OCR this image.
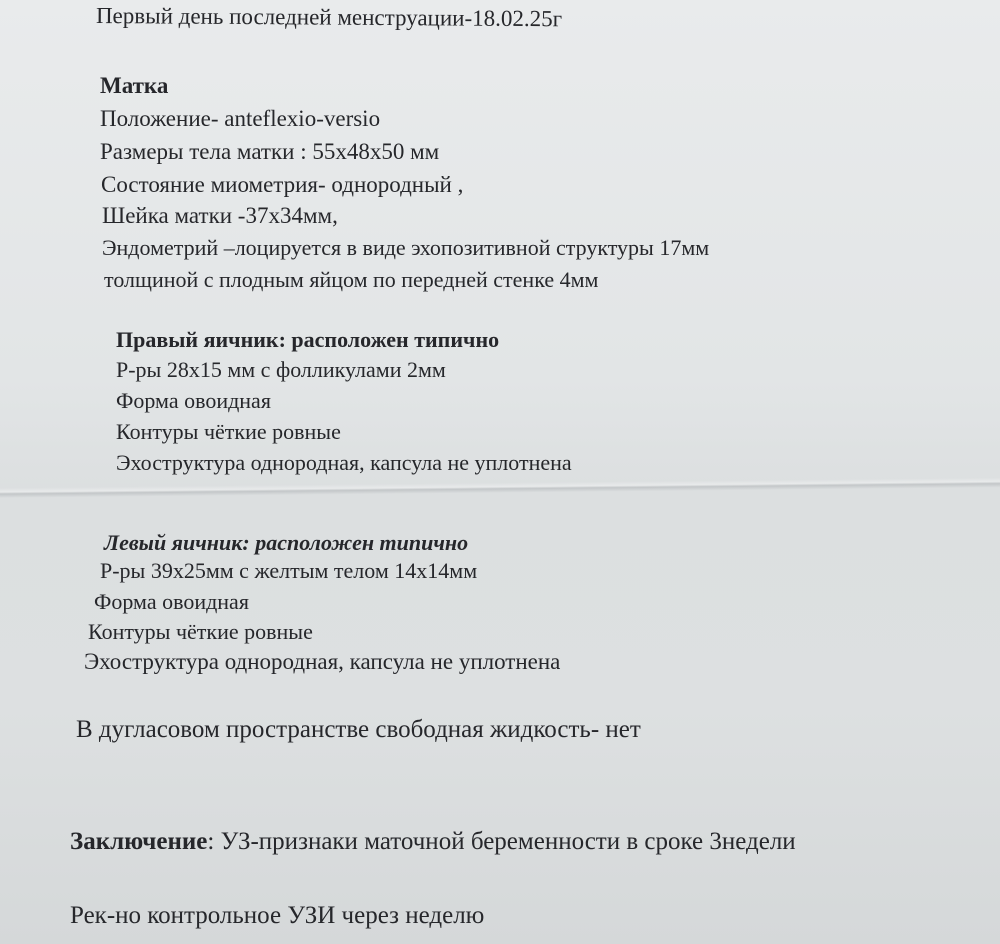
Первый день последней менструации-18.02.25г
Матка
Положение- anteflexio-versio
Размеры тела матки : 55х48х50 мм
Состояние миометрия- однородный ,
Шейка матки -37х34мм,
Эндометрий –лоцируется в виде эхопозитивной структуры 17мм
толщиной с плодным яйцом по передней стенке 4мм
Правый яичник: расположен типично
Р-ры 28х15 мм с фолликулами 2мм
Форма овоидная
Контуры чёткие ровные
Эхоструктура однородная, капсула не уплотнена
Левый яичник: расположен типично
Р-ры 39х25мм с желтым телом 14х14мм
Форма овоидная
Контуры чёткие ровные
Эхоструктура однородная, капсула не уплотнена
В дугласовом пространстве свободная жидкость- нет
Заключение: УЗ-признаки маточной беременности в сроке 3недели
Рек-но контрольное УЗИ через неделю
